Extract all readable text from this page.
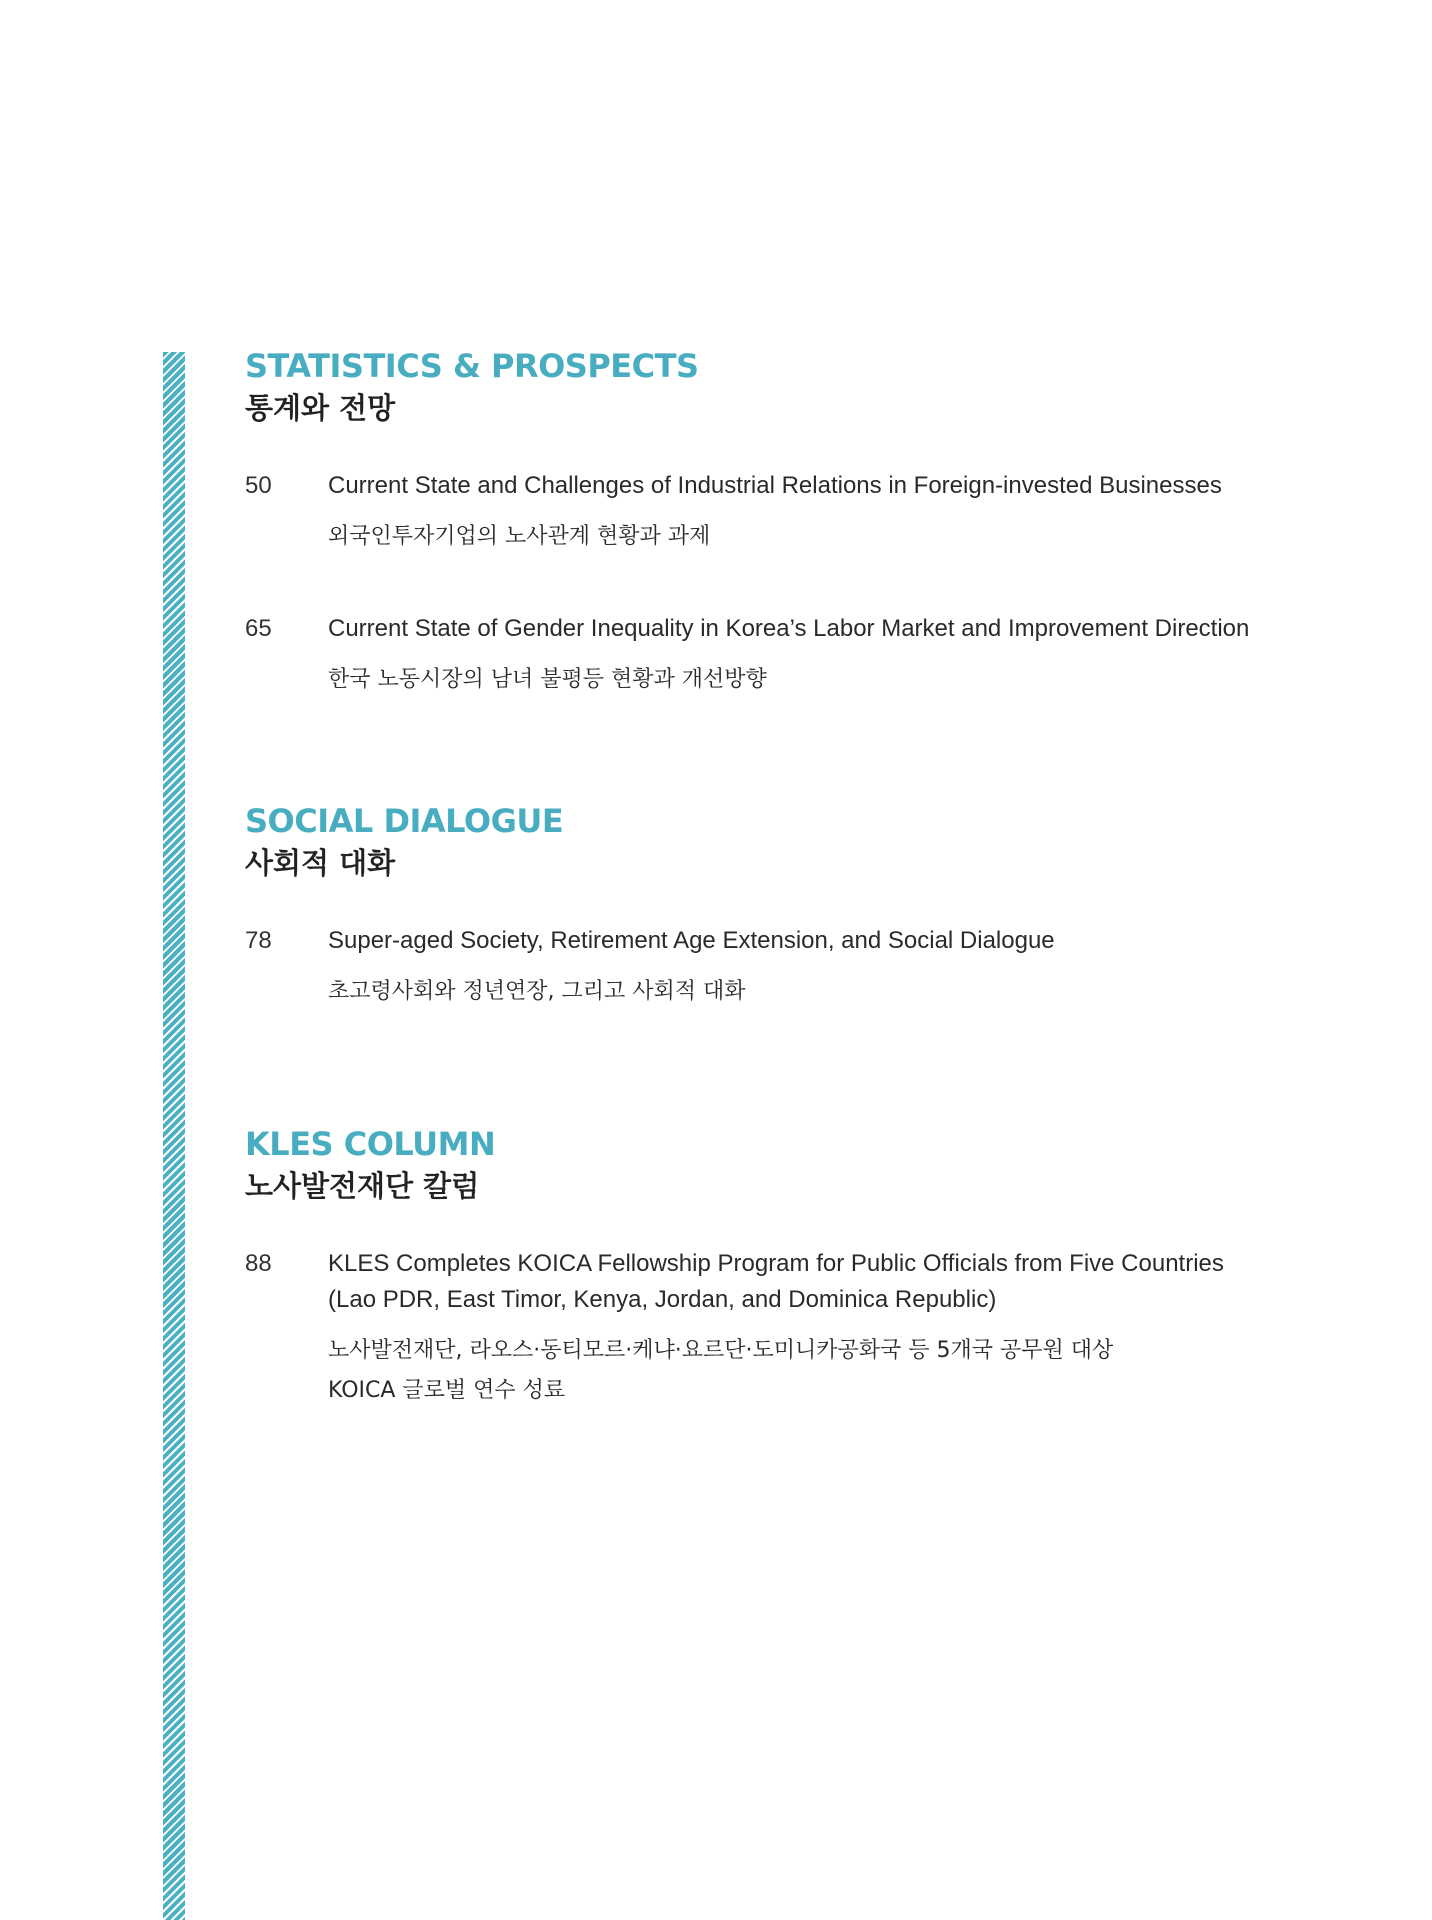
STATISTICS & PROSPECTS
통계와 전망
50	Current State and Challenges of Industrial Relations in Foreign-invested Businesses
외국인투자기업의 노사관계 현황과 과제
65	Current State of Gender Inequality in Korea’s Labor Market and Improvement Direction
한국 노동시장의 남녀 불평등 현황과 개선방향
SOCIAL DIALOGUE
사회적 대화
78	Super-aged Society, Retirement Age Extension, and Social Dialogue
초고령사회와 정년연장, 그리고 사회적 대화
KLES COLUMN
노사발전재단 칼럼
88	KLES Completes KOICA Fellowship Program for Public Officials from Five Countries
(Lao PDR, East Timor, Kenya, Jordan, and Dominica Republic)
노사발전재단, 라오스·동티모르·케냐·요르단·도미니카공화국 등 5개국 공무원 대상
KOICA 글로벌 연수 성료
